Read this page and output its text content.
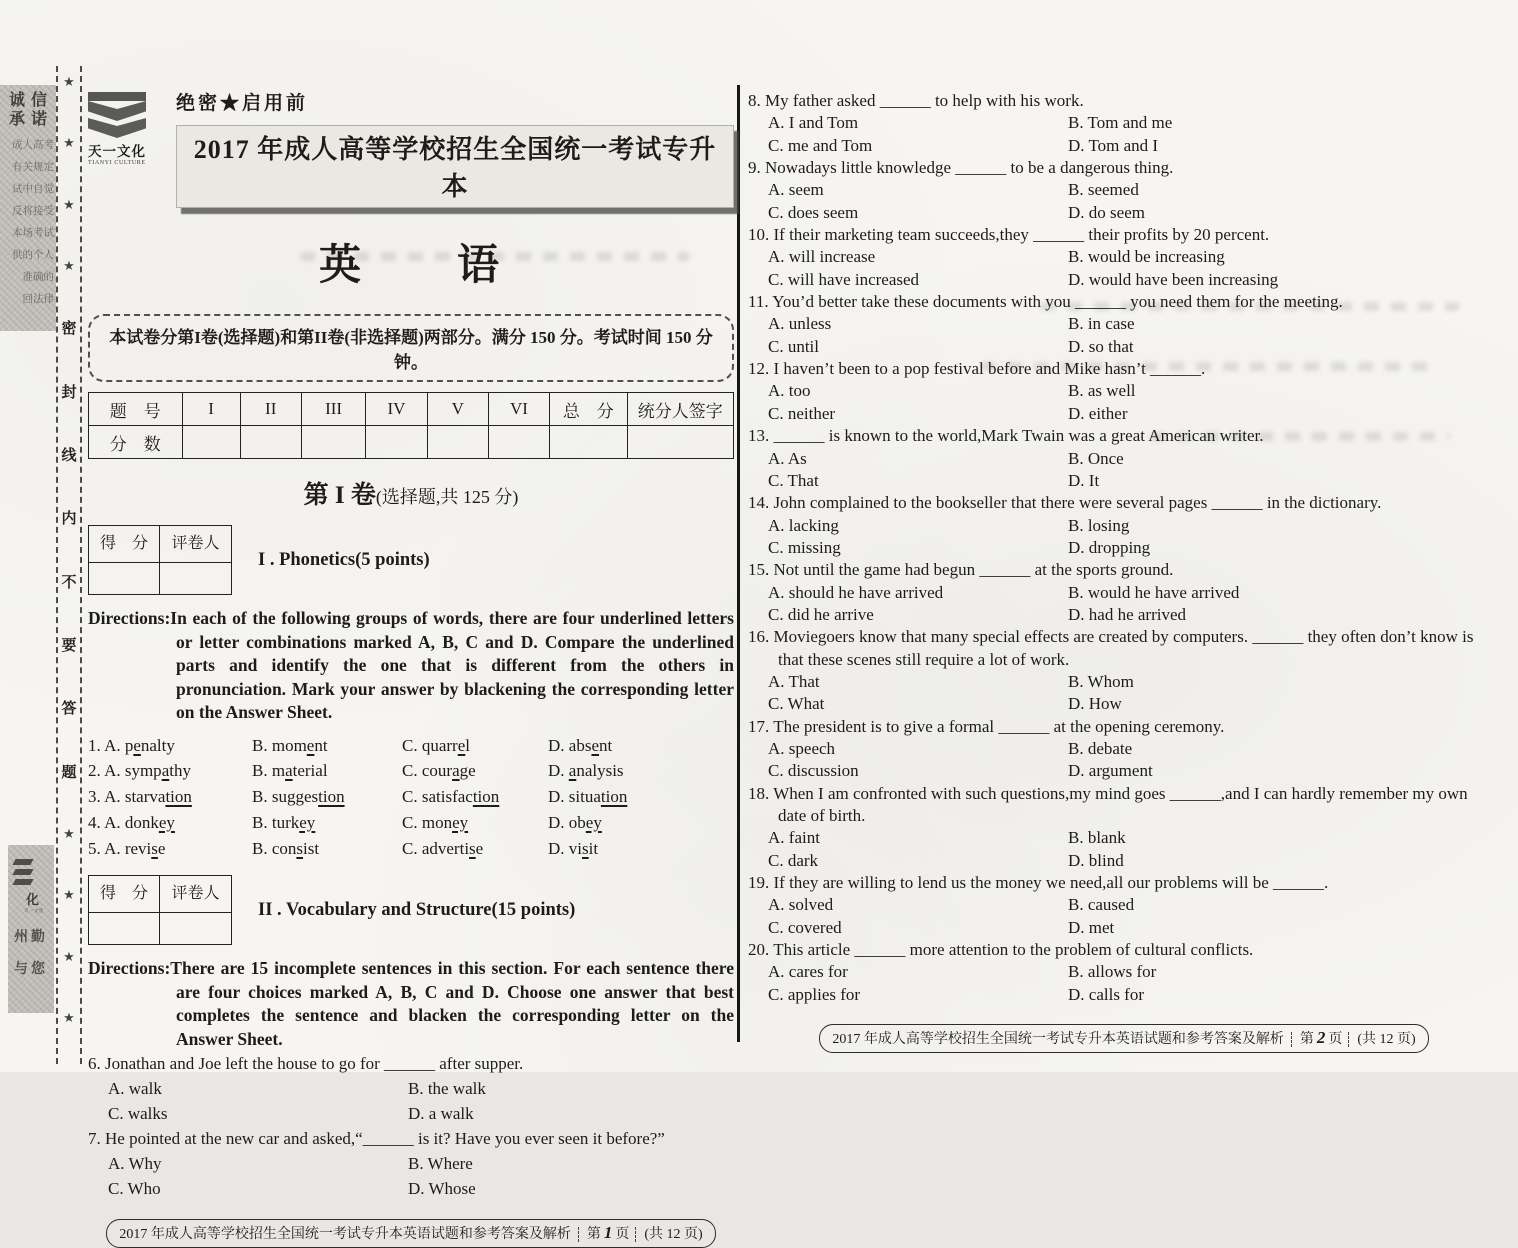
诚 信
承 诺
成人高考
有关规定
试中自觉
反将接受
本场考试
供的个人
准确的
回法律
★
★
★
★
密
封
线
内
不
要
答
题
★
★
★
★
化
天一文化
州勤
与您
天一文化
TIANYI CULTURE
绝密★启用前
2017 年成人高等学校招生全国统一考试专升本
英　　语
本试卷分第I卷(选择题)和第II卷(非选择题)两部分。满分 150 分。考试时间 150 分钟。
题　号	I	II	III	IV	V	VI	总　分	统分人签字
分　数								
第 I 卷(选择题,共 125 分)
得　分	评卷人
I . Phonetics(5 points)
Directions:In each of the following groups of words, there are four underlined letters or letter combinations marked A, B, C and D. Compare the underlined parts and identify the one that is different from the others in pronunciation. Mark your answer by blackening the corresponding letter on the Answer Sheet.
1. A. penalty	B. moment	C. quarrel	D. absent
2. A. sympathy	B. material	C. courage	D. analysis
3. A. starvation	B. suggestion	C. satisfaction	D. situation
4. A. donkey	B. turkey	C. money	D. obey
5. A. revise	B. consist	C. advertise	D. visit
得　分	评卷人
II . Vocabulary and Structure(15 points)
Directions:There are 15 incomplete sentences in this section. For each sentence there are four choices marked A, B, C and D. Choose one answer that best completes the sentence and blacken the corresponding letter on the Answer Sheet.
6. Jonathan and Joe left the house to go for ______ after supper.
A. walk	B. the walk
C. walks	D. a walk
7. He pointed at the new car and asked,“______ is it? Have you ever seen it before?”
A. Why	B. Where
C. Who	D. Whose
2017 年成人高等学校招生全国统一考试专升本英语试题和参考答案及解析 第 1 页 (共 12 页)
8. My father asked ______ to help with his work.
A. I and Tom	B. Tom and me
C. me and Tom	D. Tom and I
9. Nowadays little knowledge ______ to be a dangerous thing.
A. seem	B. seemed
C. does seem	D. do seem
10. If their marketing team succeeds,they ______ their profits by 20 percent.
A. will increase	B. would be increasing
C. will have increased	D. would have been increasing
11. You’d better take these documents with you ______ you need them for the meeting.
A. unless	B. in case
C. until	D. so that
12. I haven’t been to a pop festival before and Mike hasn’t ______.
A. too	B. as well
C. neither	D. either
13. ______ is known to the world,Mark Twain was a great American writer.
A. As	B. Once
C. That	D. It
14. John complained to the bookseller that there were several pages ______ in the dictionary.
A. lacking	B. losing
C. missing	D. dropping
15. Not until the game had begun ______ at the sports ground.
A. should he have arrived	B. would he have arrived
C. did he arrive	D. had he arrived
16. Moviegoers know that many special effects are created by computers. ______ they often don’t know is that these scenes still require a lot of work.
A. That	B. Whom
C. What	D. How
17. The president is to give a formal ______ at the opening ceremony.
A. speech	B. debate
C. discussion	D. argument
18. When I am confronted with such questions,my mind goes ______,and I can hardly remember my own date of birth.
A. faint	B. blank
C. dark	D. blind
19. If they are willing to lend us the money we need,all our problems will be ______.
A. solved	B. caused
C. covered	D. met
20. This article ______ more attention to the problem of cultural conflicts.
A. cares for	B. allows for
C. applies for	D. calls for
2017 年成人高等学校招生全国统一考试专升本英语试题和参考答案及解析 第 2 页 (共 12 页)
